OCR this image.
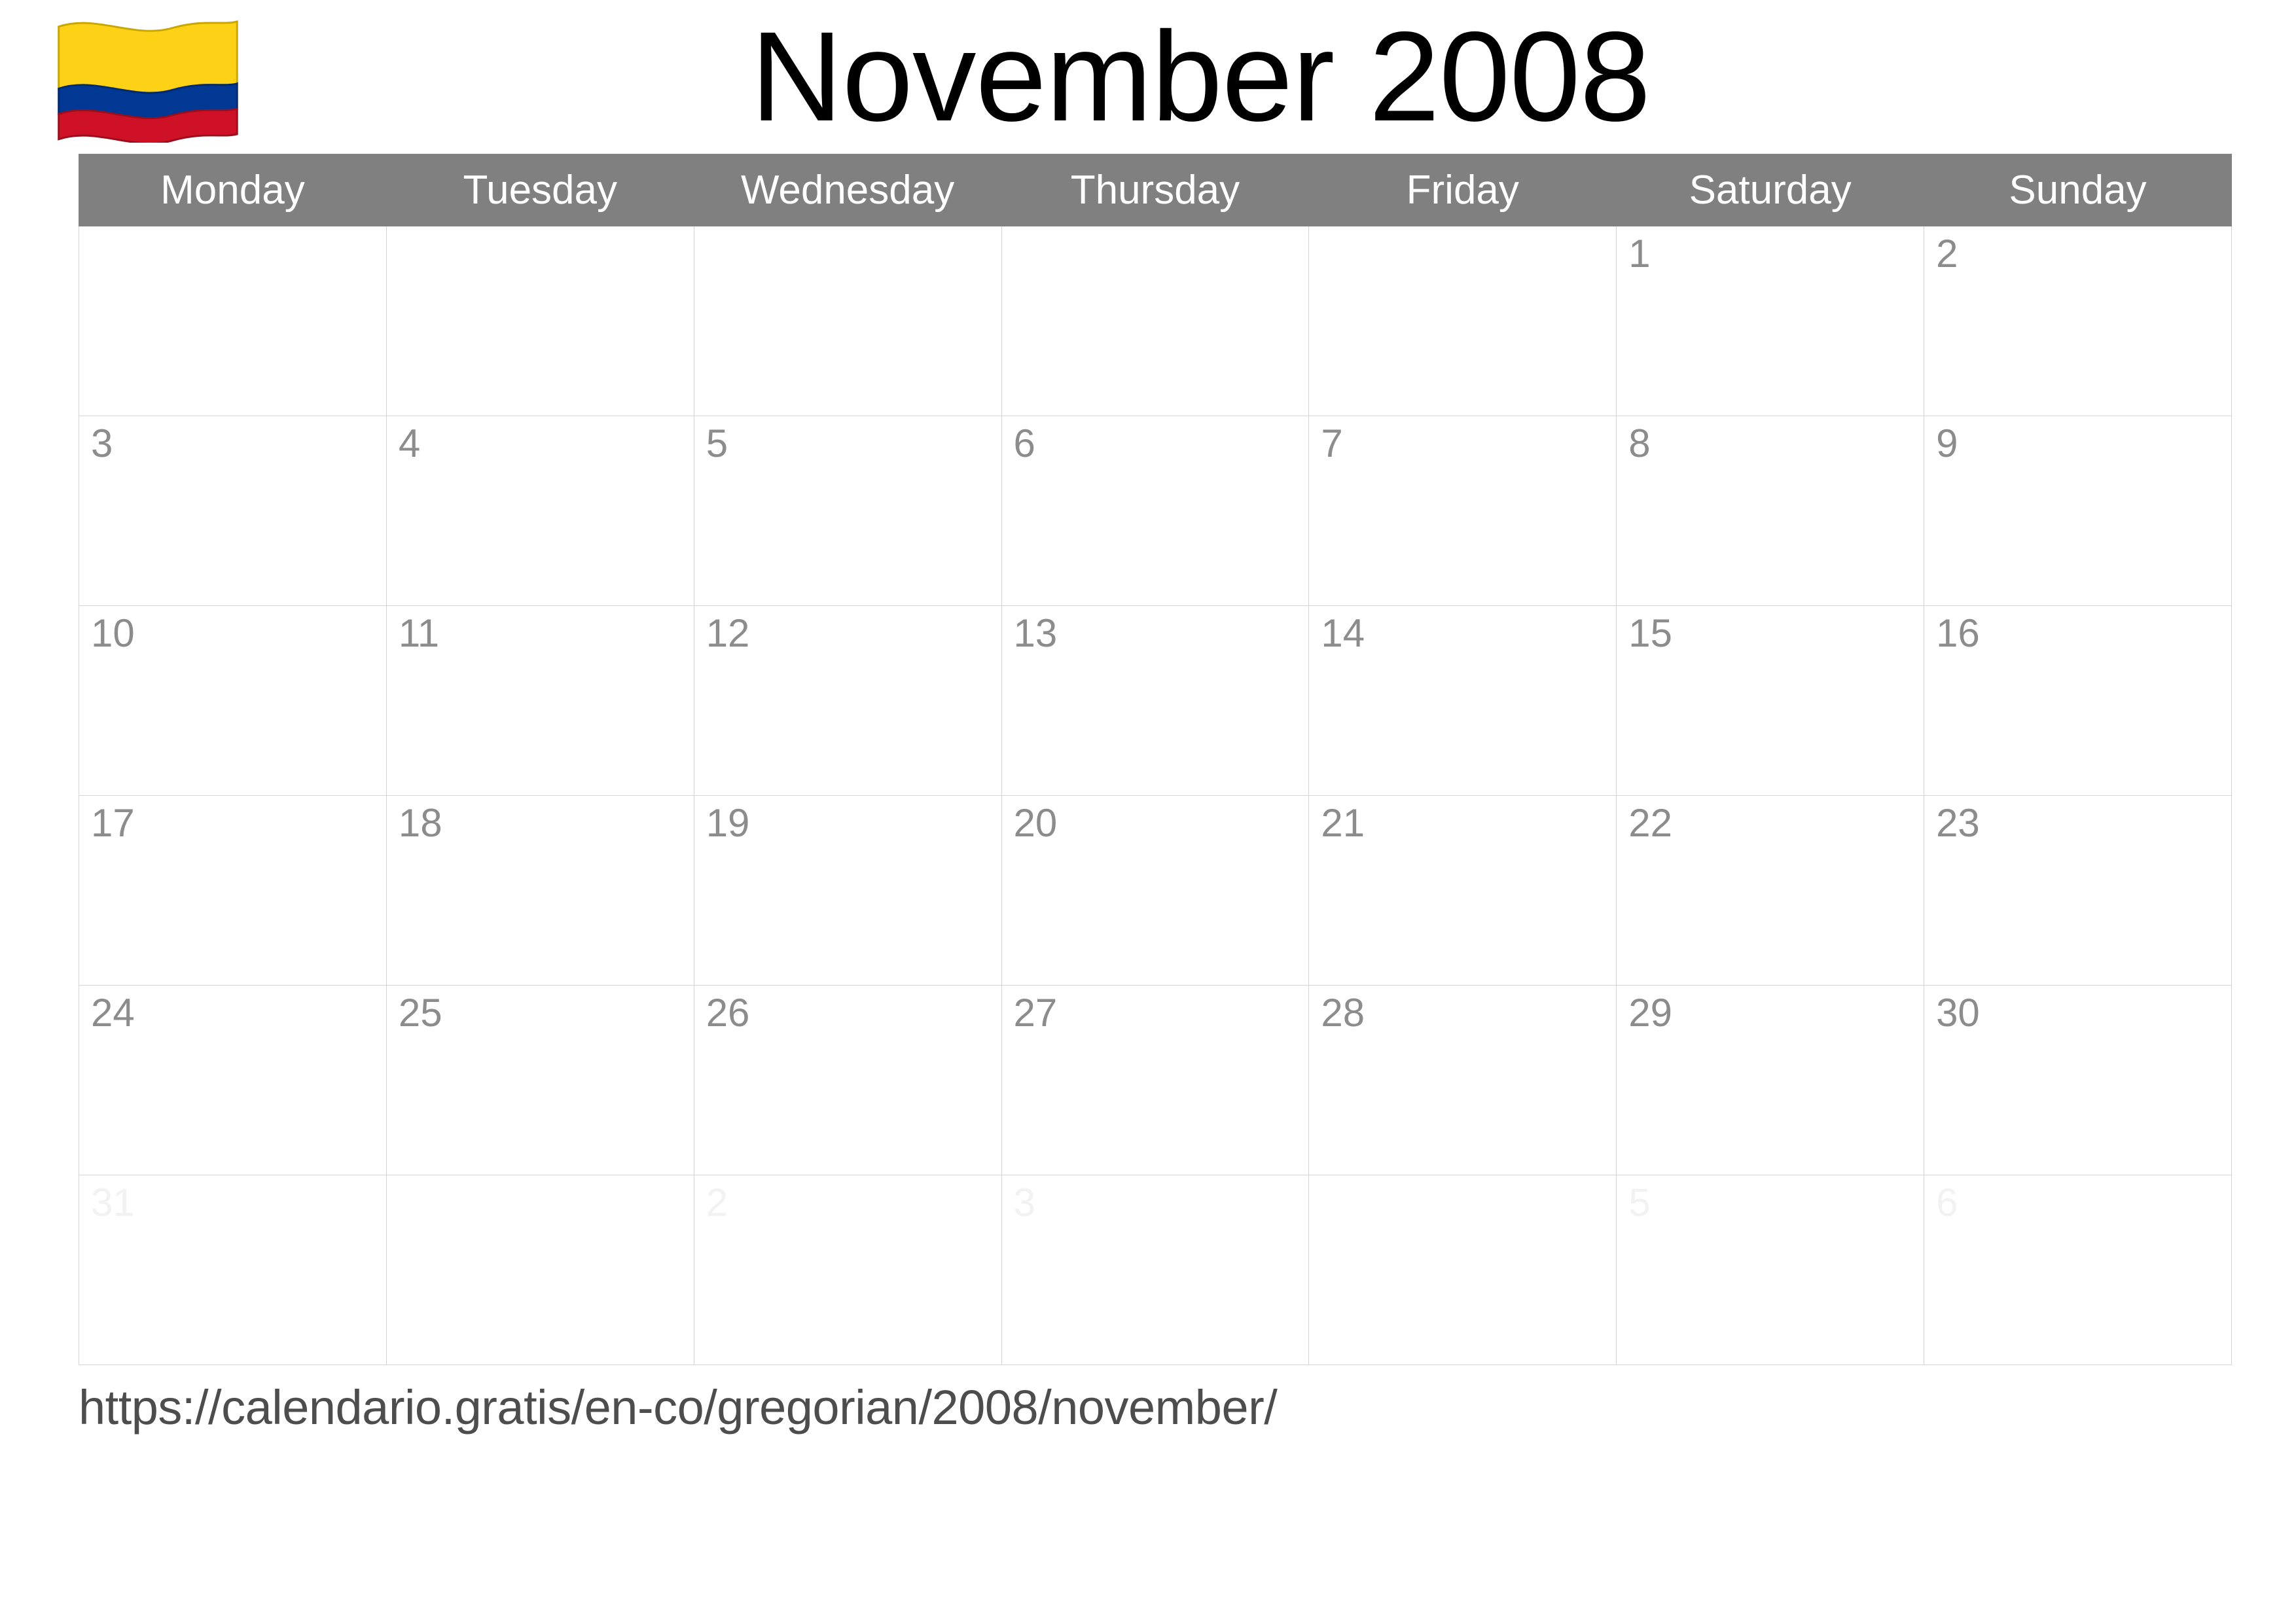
November 2008
Monday	Tuesday	Wednesday	Thursday	Friday	Saturday	Sunday

					1	2

3	4	5	6	7	8	9

10	11	12	13	14	15	16

17	18	19	20	21	22	23

24	25	26	27	28	29	30

31		2	3		5	6
https://calendario.gratis/en-co/gregorian/2008/november/
